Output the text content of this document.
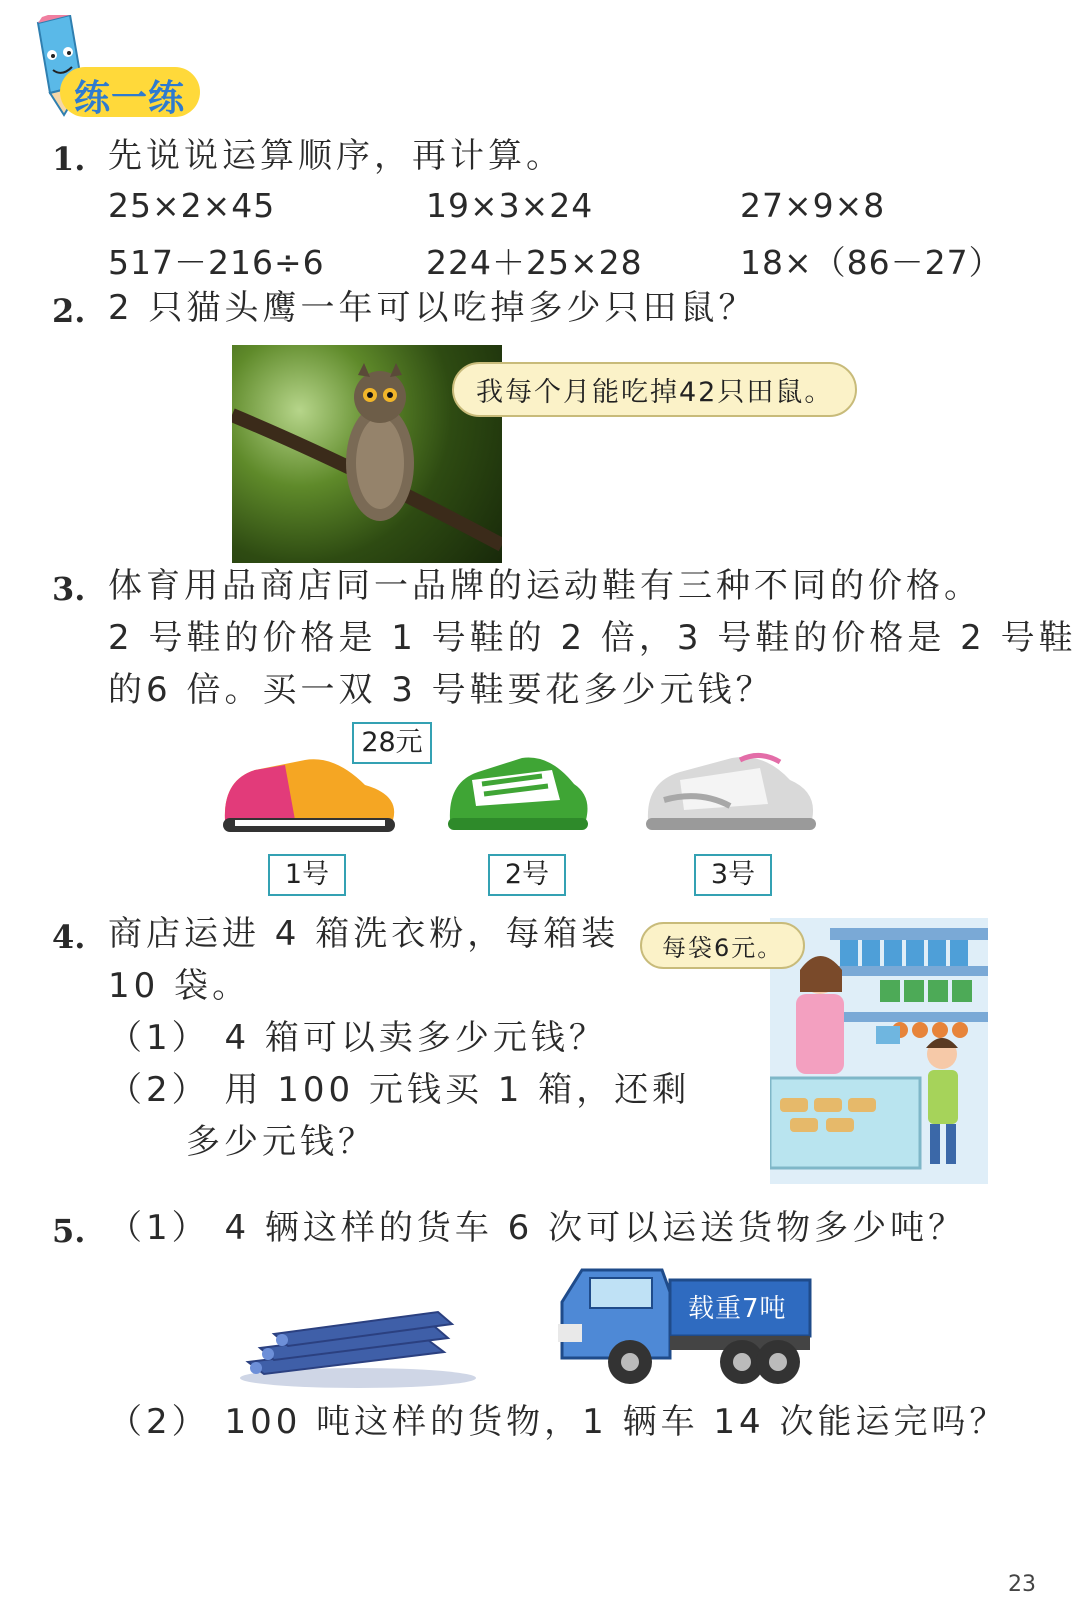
练一练
1. 先说说运算顺序，再计算。
25×2×45	19×3×24	27×9×8
517－216÷6	224＋25×28	18×（86－27）
2. 2 只猫头鹰一年可以吃掉多少只田鼠？
我每个月能吃掉42只田鼠。
3. 体育用品商店同一品牌的运动鞋有三种不同的价格。
2 号鞋的价格是 1 号鞋的 2 倍，3 号鞋的价格是 2 号鞋
的6 倍。买一双 3 号鞋要花多少元钱？
28元
1号	2号	3号
4. 商店运进 4 箱洗衣粉，每箱装
10 袋。
（1） 4 箱可以卖多少元钱？
（2） 用 100 元钱买 1 箱，还剩
多少元钱？
每袋6元。
5. （1） 4 辆这样的货车 6 次可以运送货物多少吨？
载重7吨
（2） 100 吨这样的货物，1 辆车 14 次能运完吗？
23
